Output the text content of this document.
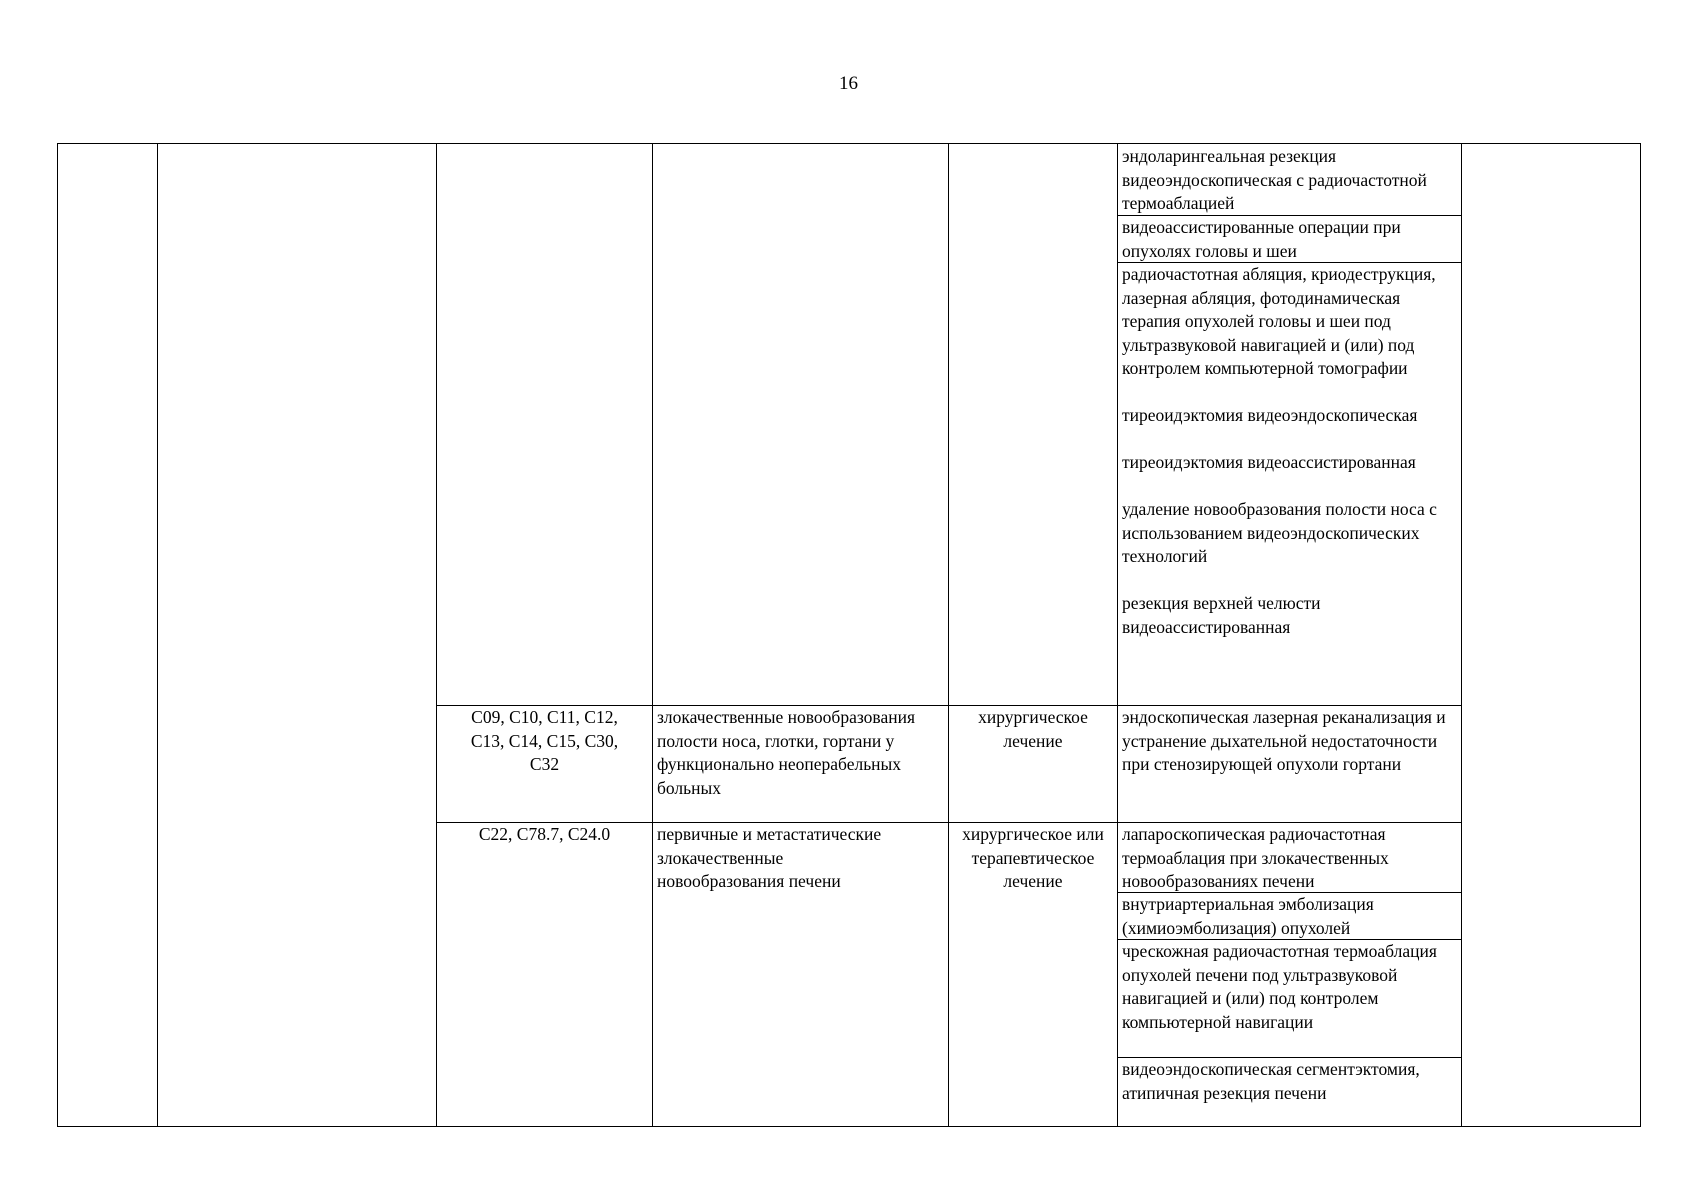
16
эндоларингеальная резекция видеоэндоскопическая с радиочастотной термоаблацией
видеоассистированные операции при опухолях головы и шеи

радиочастотная абляция, криодеструкция, лазерная абляция, фотодинамическая терапия опухолей головы и шеи под ультразвуковой навигацией и (или) под контролем компьютерной томографии

тиреоидэктомия видеоэндоскопическая

тиреоидэктомия видеоассистированная

удаление новообразования полости носа с использованием видеоэндоскопических технологий

резекция верхней челюсти видеоассистированная

C09, C10, C11, C12, C13, C14, C15, C30, C32
злокачественные новообразования полости носа, глотки, гортани у функционально неоперабельных больных
хирургическое лечение
эндоскопическая лазерная реканализация и устранение дыхательной недостаточности при стенозирующей опухоли гортани
C22, C78.7, C24.0	первичные и метастатические злокачественные новообразования печени
хирургическое или терапевтическое лечение
лапароскопическая радиочастотная термоаблация при злокачественных новообразованиях печени
внутриартериальная эмболизация (химиоэмболизация) опухолей
чрескожная радиочастотная термоаблация опухолей печени под ультразвуковой навигацией и (или) под контролем компьютерной навигации
видеоэндоскопическая сегментэктомия, атипичная резекция печени
